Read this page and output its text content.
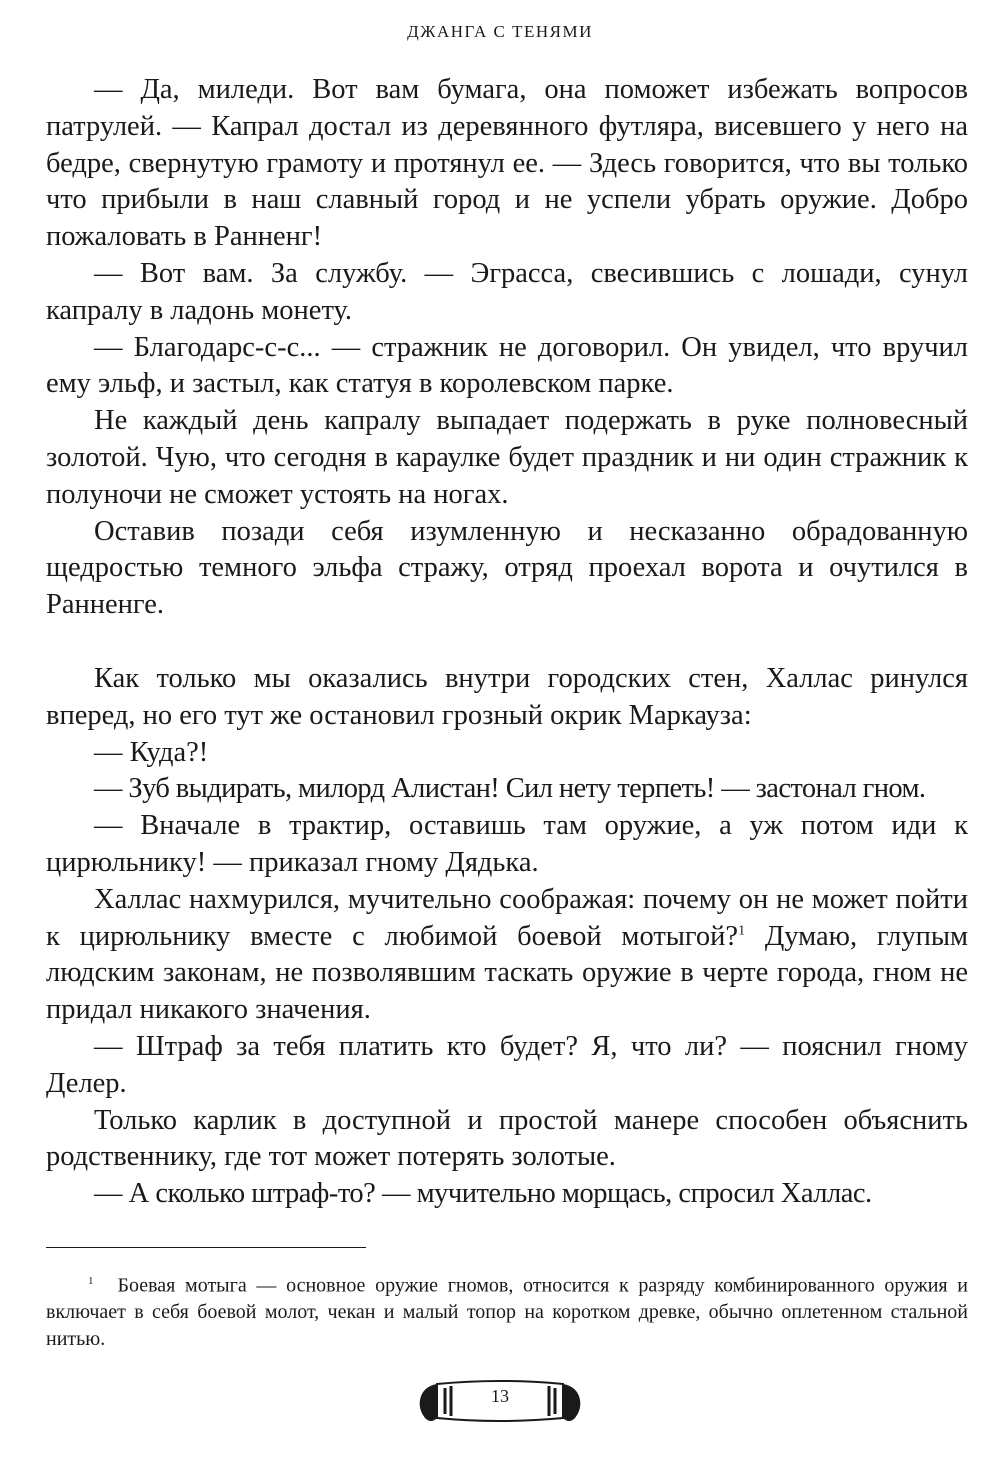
ДЖАНГА С ТЕНЯМИ

— Да, миледи. Вот вам бумага, она поможет избежать вопросов патрулей. — Капрал достал из деревянного футляра, висевшего у него на бедре, свернутую грамоту и протянул ее. — Здесь говорится, что вы только что прибыли в наш славный город и не успели убрать оружие. Добро пожаловать в Ранненг!

— Вот вам. За службу. — Эграсса, свесившись с лошади, сунул капралу в ладонь монету.

— Благодарс-с-с... — стражник не договорил. Он увидел, что вручил ему эльф, и застыл, как статуя в королевском парке.

Не каждый день капралу выпадает подержать в руке полновесный золотой. Чую, что сегодня в караулке будет праздник и ни один стражник к полуночи не сможет устоять на ногах.

Оставив позади себя изумленную и несказанно обрадованную щедростью темного эльфа стражу, отряд проехал ворота и очутился в Ранненге.

Как только мы оказались внутри городских стен, Халлас ринулся вперед, но его тут же остановил грозный окрик Маркауза:

— Куда?!

— Зуб выдирать, милорд Алистан! Сил нету терпеть! — застонал гном.

— Вначале в трактир, оставишь там оружие, а уж потом иди к цирюльнику! — приказал гному Дядька.

Халлас нахмурился, мучительно соображая: почему он не может пойти к цирюльнику вместе с любимой боевой мотыгой?$^1$ Думаю, глупым людским законам, не позволявшим таскать оружие в черте города, гном не придал никакого значения.

— Штраф за тебя платить кто будет? Я, что ли? — пояснил гному Делер.

Только карлик в доступной и простой манере способен объяснить родственнику, где тот может потерять золотые.

— А сколько штраф-то? — мучительно морщась, спросил Халлас.

$^1$ Боевая мотыга — основное оружие гномов, относится к разряду комбинированного оружия и включает в себя боевой молот, чекан и малый топор на коротком древке, обычно оплетенном стальной нитью.
13
